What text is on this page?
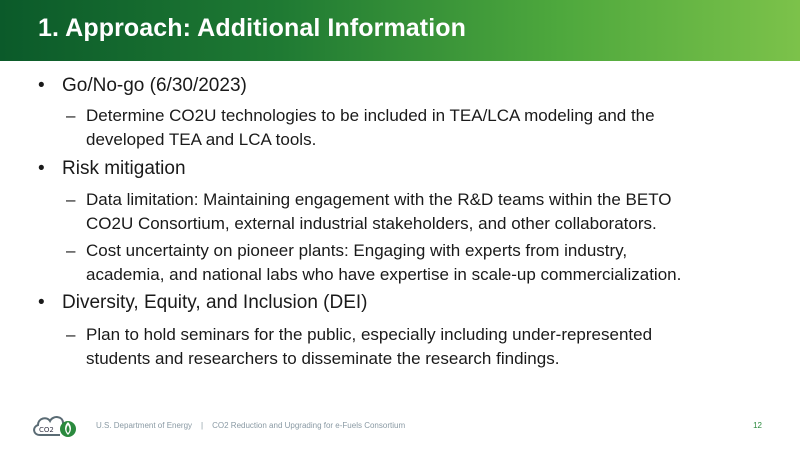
1. Approach: Additional Information
• Go/No-go (6/30/2023)
– Determine CO2U technologies to be included in TEA/LCA modeling and the
developed TEA and LCA tools.
• Risk mitigation
– Data limitation: Maintaining engagement with the R&D teams within the BETO
CO2U Consortium, external industrial stakeholders, and other collaborators.
– Cost uncertainty on pioneer plants: Engaging with experts from industry,
academia, and national labs who have expertise in scale-up commercialization.
• Diversity, Equity, and Inclusion (DEI)
– Plan to hold seminars for the public, especially including under-represented
students and researchers to disseminate the research findings.
CO2	U.S. Department of Energy | CO2 Reduction and Upgrading for e-Fuels Consortium	12
